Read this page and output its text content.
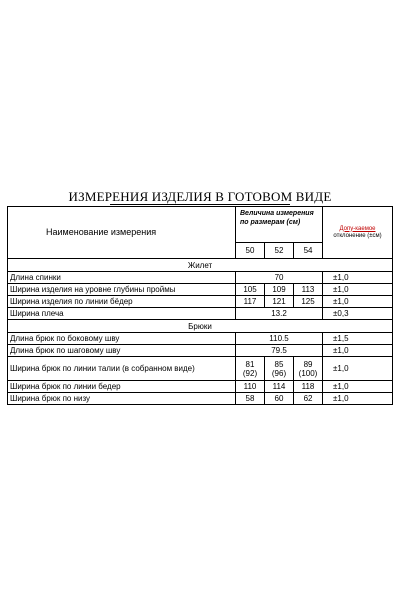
ИЗМЕРЕНИЯ ИЗДЕЛИЯ В ГОТОВОМ ВИДЕ
Наименование измерения	Величина измерения по размерам (см)			Допу-каемое
отклонение (±см)
	50	52	54	
Жилет				
Длина спинки	70			±1,0
Ширина изделия на уровне глубины проймы	105	109	113	±1,0
Ширина изделия по линии бёдер	117	121	125	±1,0
Ширина плеча	13.2			±0,3
Брюки				
Длина брюк по боковому шву	110.5			±1,5
Длина брюк по шаговому шву	79.5			±1,0
Ширина брюк по линии талии (в собранном виде)	81 (92)	85 (96)	89 (100)	±1,0
Ширина брюк по линии бедер	110	114	118	±1,0
Ширина брюк по низу	58	60	62	±1,0
